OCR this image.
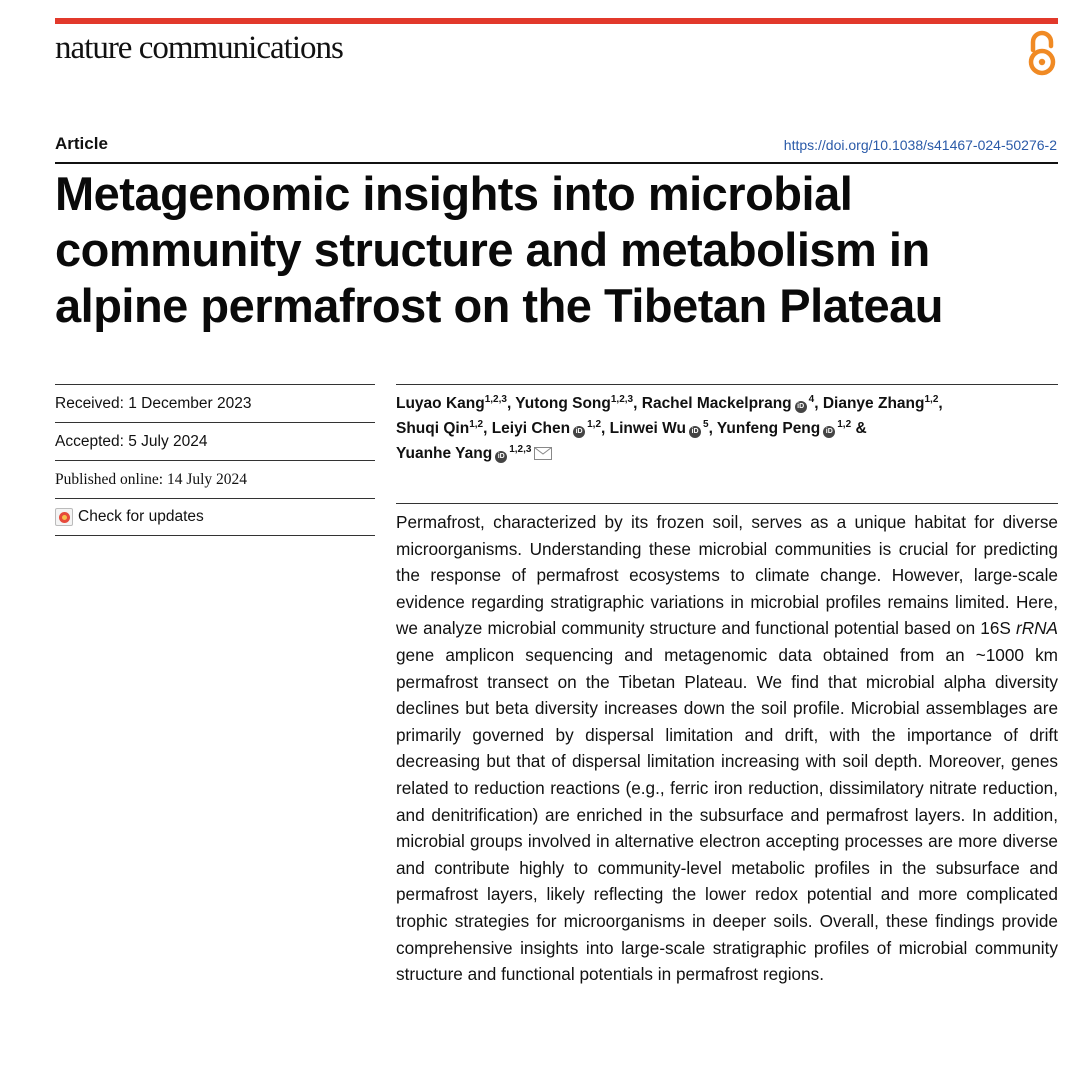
nature communications
Article	https://doi.org/10.1038/s41467-024-50276-2
Metagenomic insights into microbial community structure and metabolism in alpine permafrost on the Tibetan Plateau
Received: 1 December 2023
Accepted: 5 July 2024
Published online: 14 July 2024
Check for updates
Luyao Kang$^{1,2,3}$, Yutong Song$^{1,2,3}$, Rachel Mackelprang $iD^4$, Dianye Zhang$^{1,2}$,
Shuqi Qin$^{1,2}$, Leiyi Chen iD$^{1,2}$, Linwei Wu $iD^5$, Yunfeng Peng iD$^{1,2}$ &
Yuanhe Yang iD$^{1,2,3}$

Permafrost, characterized by its frozen soil, serves as a unique habitat for diverse microorganisms. Understanding these microbial communities is crucial for predicting the response of permafrost ecosystems to climate change. However, large-scale evidence regarding stratigraphic variations in microbial profiles remains limited. Here, we analyze microbial community structure and functional potential based on 16S rRNA gene amplicon sequencing and metagenomic data obtained from an ~1000 km permafrost transect on the Tibetan Plateau. We find that microbial alpha diversity declines but beta diversity increases down the soil profile. Microbial assemblages are primarily governed by dispersal limitation and drift, with the importance of drift decreasing but that of dispersal limitation increasing with soil depth. Moreover, genes related to reduction reactions (e.g., ferric iron reduction, dissimilatory nitrate reduction, and denitrification) are enriched in the subsurface and permafrost layers. In addition, microbial groups involved in alternative electron accepting processes are more diverse and contribute highly to community-level metabolic profiles in the subsurface and permafrost layers, likely reflecting the lower redox potential and more complicated trophic strategies for microorganisms in deeper soils. Overall, these findings provide comprehensive insights into large-scale stratigraphic profiles of microbial community structure and functional potentials in permafrost regions.
